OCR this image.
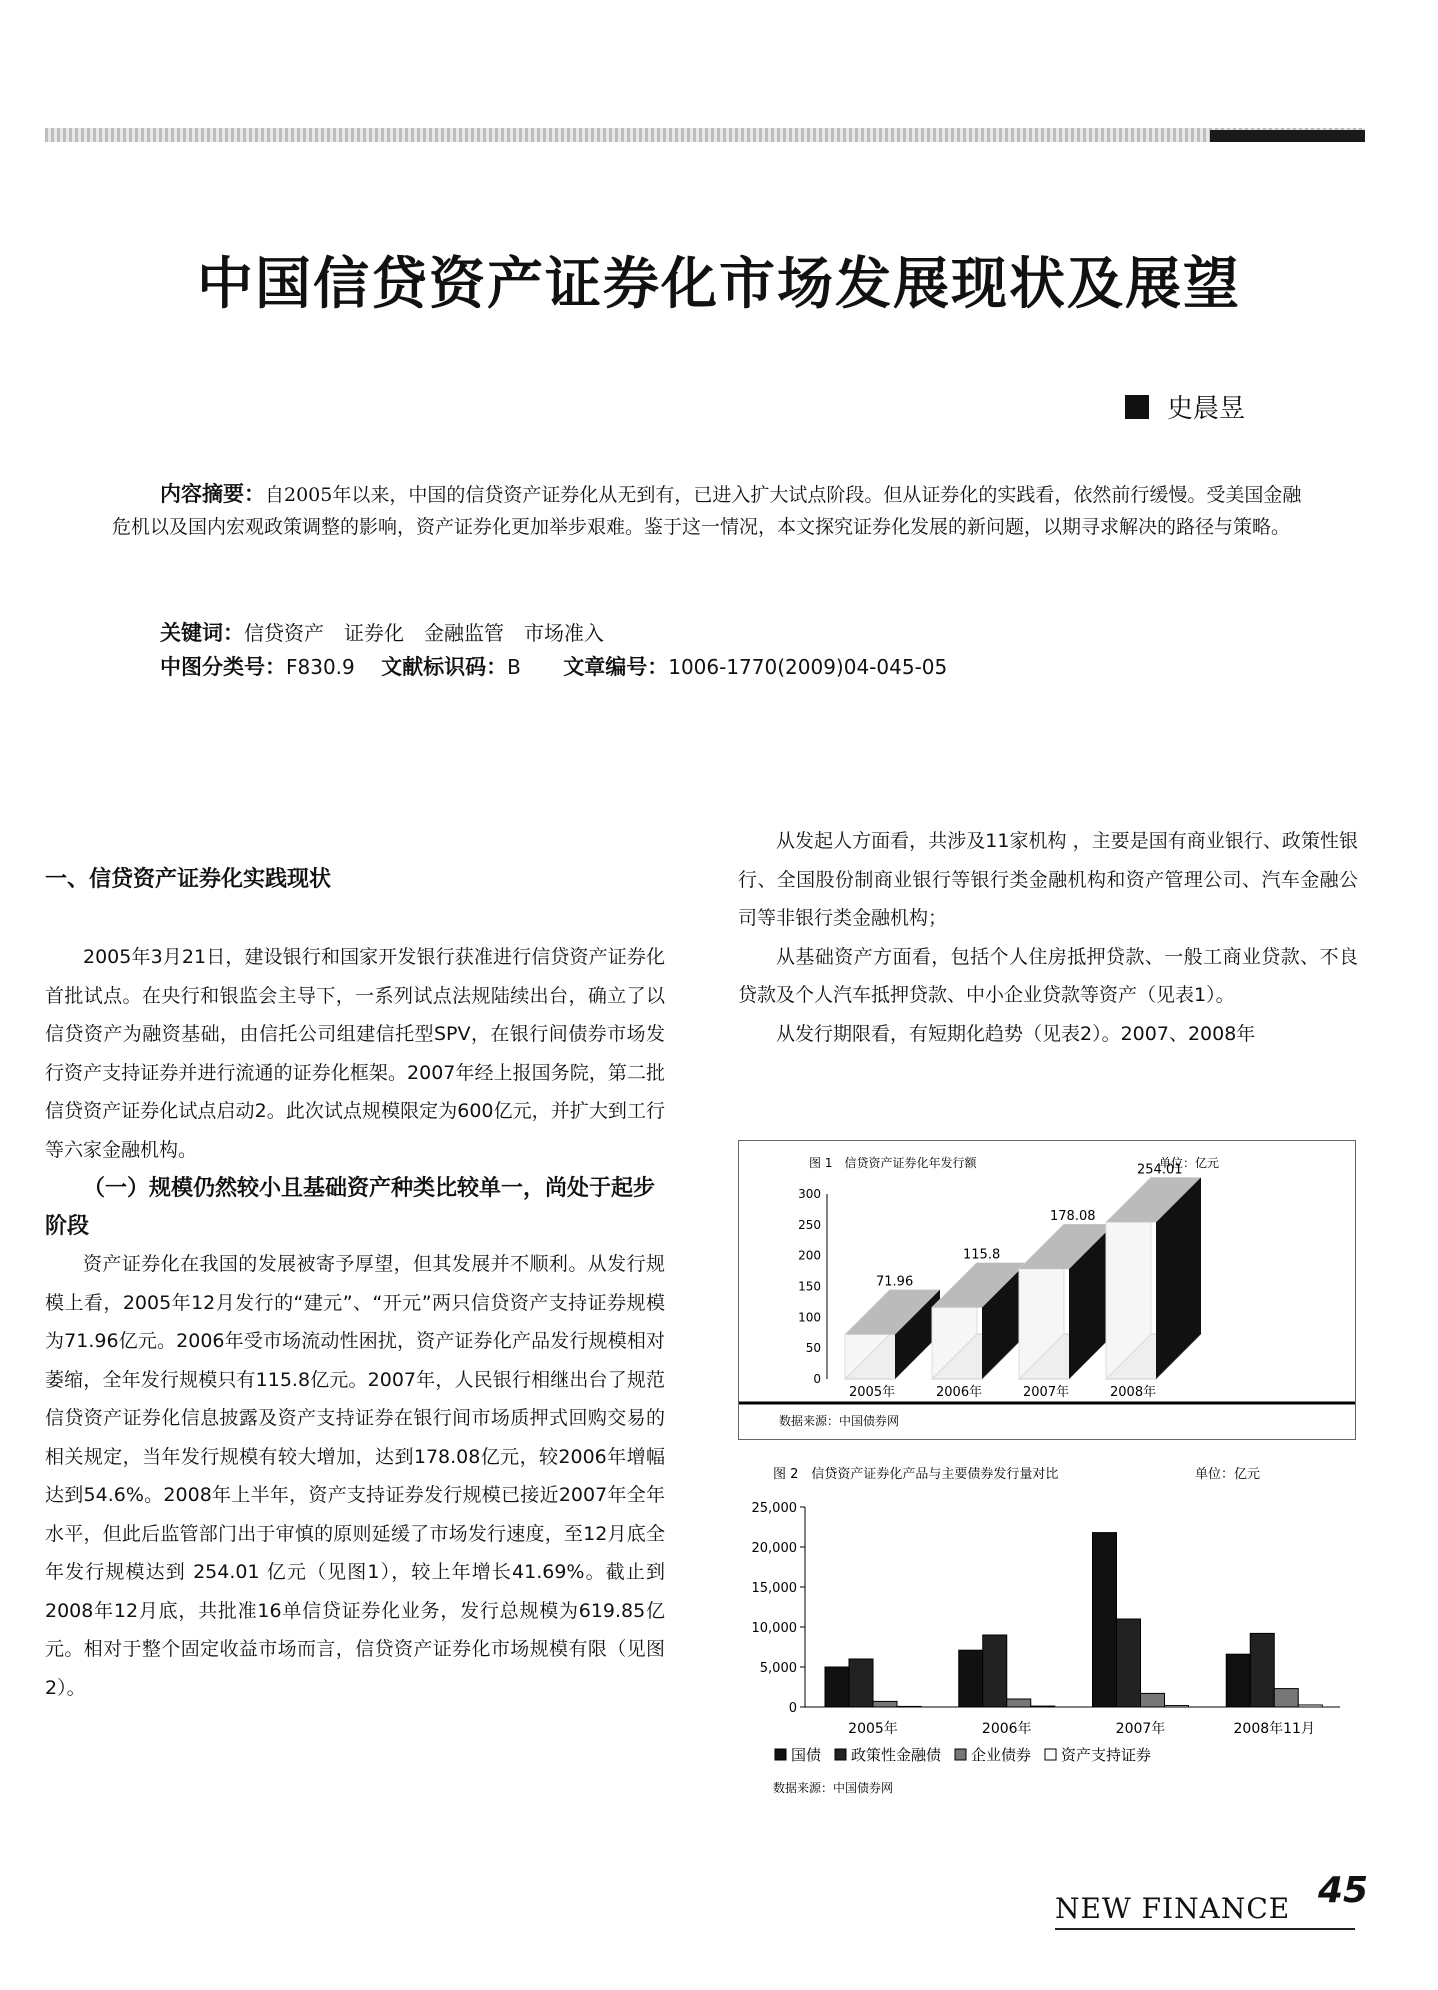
中国信贷资产证券化市场发展现状及展望
史晨昱
内容摘要：自2005年以来，中国的信贷资产证券化从无到有，已进入扩大试点阶段。但从证券化的实践看，依然前行缓慢。受美国金融危机以及国内宏观政策调整的影响，资产证券化更加举步艰难。鉴于这一情况，本文探究证券化发展的新问题，以期寻求解决的路径与策略。
关键词：信贷资产　证券化　金融监管　市场准入
中图分类号：F830.9 文献标识码：B 文章编号：1006-1770(2009)04-045-05
一、信贷资产证券化实践现状

2005年3月21日，建设银行和国家开发银行获准进行信贷资产证券化首批试点。在央行和银监会主导下，一系列试点法规陆续出台，确立了以信贷资产为融资基础，由信托公司组建信托型SPV，在银行间债券市场发行资产支持证券并进行流通的证券化框架。2007年经上报国务院，第二批信贷资产证券化试点启动2。此次试点规模限定为600亿元，并扩大到工行等六家金融机构。

（一）规模仍然较小且基础资产种类比较单一，尚处于起步阶段

资产证券化在我国的发展被寄予厚望，但其发展并不顺利。从发行规模上看，2005年12月发行的“建元”、“开元”两只信贷资产支持证券规模为71.96亿元。2006年受市场流动性困扰，资产证券化产品发行规模相对萎缩，全年发行规模只有115.8亿元。2007年，人民银行相继出台了规范信贷资产证券化信息披露及资产支持证券在银行间市场质押式回购交易的相关规定，当年发行规模有较大增加，达到178.08亿元，较2006年增幅达到54.6%。2008年上半年，资产支持证券发行规模已接近2007年全年水平，但此后监管部门出于审慎的原则延缓了市场发行速度，至12月底全年发行规模达到 254.01 亿元（见图1），较上年增长41.69%。截止到2008年12月底，共批准16单信贷证券化业务，发行总规模为619.85亿元。相对于整个固定收益市场而言，信贷资产证券化市场规模有限（见图2）。

从发起人方面看，共涉及11家机构 ，主要是国有商业银行、政策性银行、全国股份制商业银行等银行类金融机构和资产管理公司、汽车金融公司等非银行类金融机构；

从基础资产方面看，包括个人住房抵押贷款、一般工商业贷款、不良贷款及个人汽车抵押贷款、中小企业贷款等资产（见表1）。

从发行期限看，有短期化趋势（见表2）。2007、2008年

图 1　信贷资产证券化年发行额	单位：亿元
0
50
100
150
200
250
300
71.96
2005年
115.8
2006年
178.08
2007年
254.01
2008年
数据来源：中国债券网
图 2　信贷资产证券化产品与主要债券发行量对比	单位：亿元
0
5,000
10,000
15,000
20,000
25,000
2005年	2006年	2007年	2008年11月
国债 政策性金融债 企业债券 资产支持证券
数据来源：中国债券网
NEW FINANCE 45
